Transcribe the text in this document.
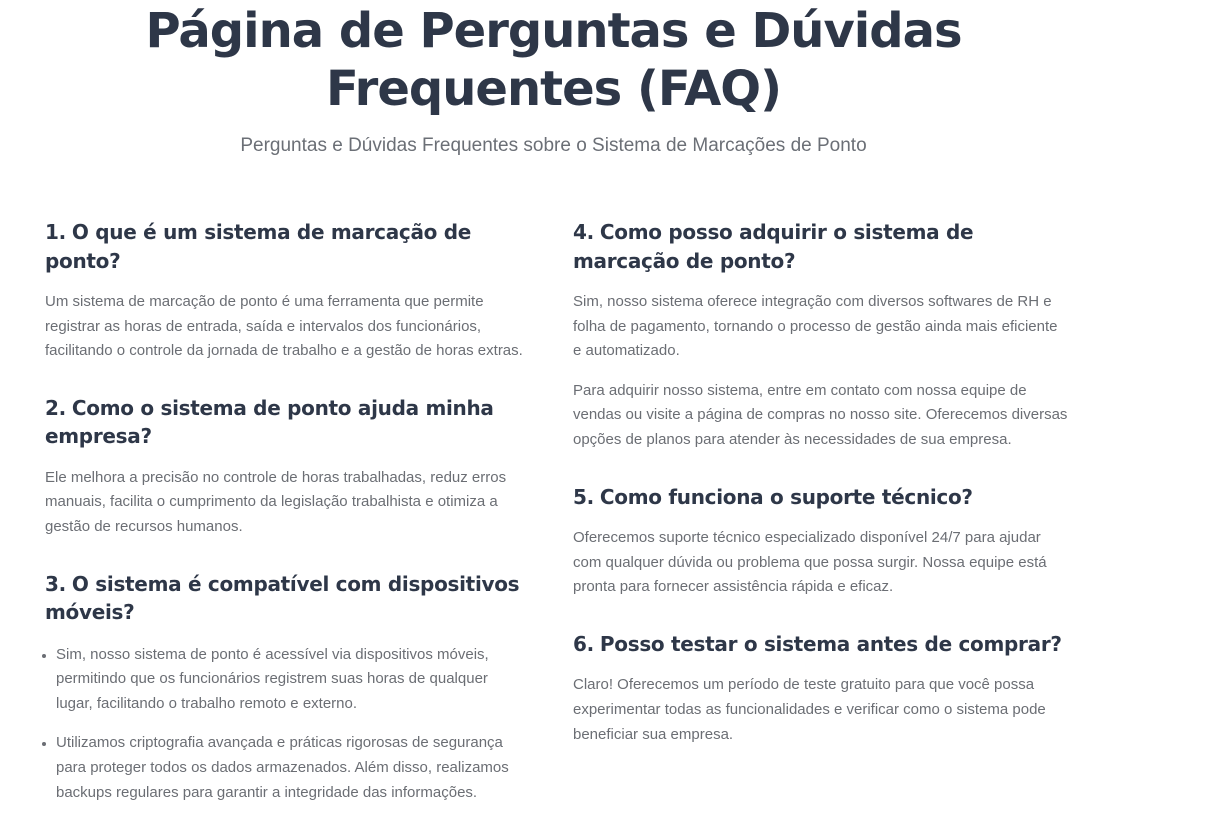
Página de Perguntas e Dúvidas Frequentes (FAQ)

Perguntas e Dúvidas Frequentes sobre o Sistema de Marcações de Ponto

1. O que é um sistema de marcação de ponto?

Um sistema de marcação de ponto é uma ferramenta que permite registrar as horas de entrada, saída e intervalos dos funcionários, facilitando o controle da jornada de trabalho e a gestão de horas extras.

2. Como o sistema de ponto ajuda minha empresa?

Ele melhora a precisão no controle de horas trabalhadas, reduz erros manuais, facilita o cumprimento da legislação trabalhista e otimiza a gestão de recursos humanos.

3. O sistema é compatível com dispositivos móveis?
• Sim, nosso sistema de ponto é acessível via dispositivos móveis, permitindo que os funcionários registrem suas horas de qualquer lugar, facilitando o trabalho remoto e externo.
• Utilizamos criptografia avançada e práticas rigorosas de segurança para proteger todos os dados armazenados. Além disso, realizamos backups regulares para garantir a integridade das informações.
4. Como posso adquirir o sistema de marcação de ponto?

Sim, nosso sistema oferece integração com diversos softwares de RH e folha de pagamento, tornando o processo de gestão ainda mais eficiente e automatizado.

Para adquirir nosso sistema, entre em contato com nossa equipe de vendas ou visite a página de compras no nosso site. Oferecemos diversas opções de planos para atender às necessidades de sua empresa.

5. Como funciona o suporte técnico?

Oferecemos suporte técnico especializado disponível 24/7 para ajudar com qualquer dúvida ou problema que possa surgir. Nossa equipe está pronta para fornecer assistência rápida e eficaz.

6. Posso testar o sistema antes de comprar?

Claro! Oferecemos um período de teste gratuito para que você possa experimentar todas as funcionalidades e verificar como o sistema pode beneficiar sua empresa.
